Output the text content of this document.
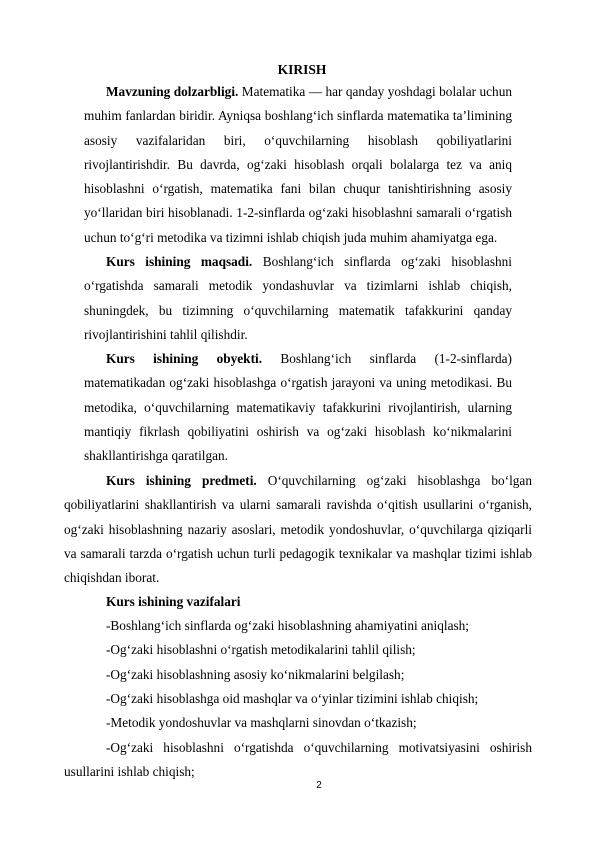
KIRISH

Mavzuning dolzarbligi. Matematika — har qanday yoshdagi bolalar uchun muhim fanlardan biridir. Ayniqsa boshlang‘ich sinflarda matematika ta’limining asosiy vazifalaridan biri, o‘quvchilarning hisoblash qobiliyatlarini rivojlantirishdir. Bu davrda, og‘zaki hisoblash orqali bolalarga tez va aniq hisoblashni o‘rgatish, matematika fani bilan chuqur tanishtirishning asosiy yo‘llaridan biri hisoblanadi. 1-2-sinflarda og‘zaki hisoblashni samarali o‘rgatish uchun to‘g‘ri metodika va tizimni ishlab chiqish juda muhim ahamiyatga ega.

Kurs ishining maqsadi. Boshlang‘ich sinflarda og‘zaki hisoblashni o‘rgatishda samarali metodik yondashuvlar va tizimlarni ishlab chiqish, shuningdek, bu tizimning o‘quvchilarning matematik tafakkurini qanday rivojlantirishini tahlil qilishdir.

Kurs ishining obyekti. Boshlang‘ich sinflarda (1-2-sinflarda) matematikadan og‘zaki hisoblashga o‘rgatish jarayoni va uning metodikasi. Bu metodika, o‘quvchilarning matematikaviy tafakkurini rivojlantirish, ularning mantiqiy fikrlash qobiliyatini oshirish va og‘zaki hisoblash ko‘nikmalarini shakllantirishga qaratilgan.

Kurs ishining predmeti. O‘quvchilarning og‘zaki hisoblashga bo‘lgan qobiliyatlarini shakllantirish va ularni samarali ravishda o‘qitish usullarini o‘rganish, og‘zaki hisoblashning nazariy asoslari, metodik yondoshuvlar, o‘quvchilarga qiziqarli va samarali tarzda o‘rgatish uchun turli pedagogik texnikalar va mashqlar tizimi ishlab chiqishdan iborat.

Kurs ishining vazifalari
-Boshlang‘ich sinflarda og‘zaki hisoblashning ahamiyatini aniqlash;
-Og‘zaki hisoblashni o‘rgatish metodikalarini tahlil qilish;
-Og‘zaki hisoblashning asosiy ko‘nikmalarini belgilash;
-Og‘zaki hisoblashga oid mashqlar va o‘yinlar tizimini ishlab chiqish;
-Metodik yondoshuvlar va mashqlarni sinovdan o‘tkazish;

-Og‘zaki hisoblashni o‘rgatishda o‘quvchilarning motivatsiyasini oshirish usullarini ishlab chiqish;

2
